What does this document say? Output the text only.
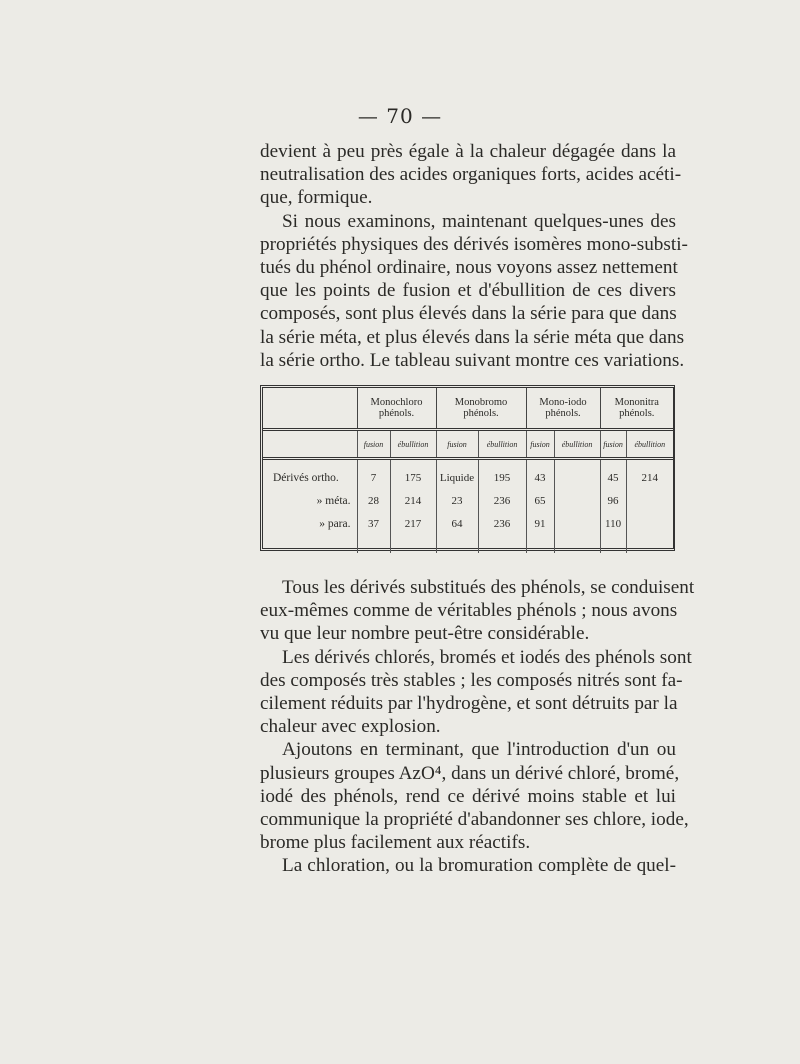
— 70 —

devient à peu près égale à la chaleur dégagée dans la
neutralisation des acides organiques forts, acides acéti-
que, formique.

Si nous examinons, maintenant quelques-unes des
propriétés physiques des dérivés isomères mono-substi-
tués du phénol ordinaire, nous voyons assez nettement
que les points de fusion et d'ébullition de ces divers
composés, sont plus élevés dans la série para que dans
la série méta, et plus élevés dans la série méta que dans
la série ortho. Le tableau suivant montre ces variations.

	Monochloro phénols.		Monobromo phénols.		Mono-iodo phénols.		Mononitra phénols.	
	fusion	ébullition	fusion	ébullition	fusion	ébullition	fusion	ébullition
Dérivés ortho.	7	175	Liquide	195	43		45	214
» méta.	28	214	23	236	65		96	
» para.	37	217	64	236	91		110	

Tous les dérivés substitués des phénols, se conduisent
eux-mêmes comme de véritables phénols ; nous avons
vu que leur nombre peut-être considérable.

Les dérivés chlorés, bromés et iodés des phénols sont
des composés très stables ; les composés nitrés sont fa-
cilement réduits par l'hydrogène, et sont détruits par la
chaleur avec explosion.

Ajoutons en terminant, que l'introduction d'un ou
plusieurs groupes AzO⁴, dans un dérivé chloré, bromé,
iodé des phénols, rend ce dérivé moins stable et lui
communique la propriété d'abandonner ses chlore, iode,
brome plus facilement aux réactifs.

La chloration, ou la bromuration complète de quel-
